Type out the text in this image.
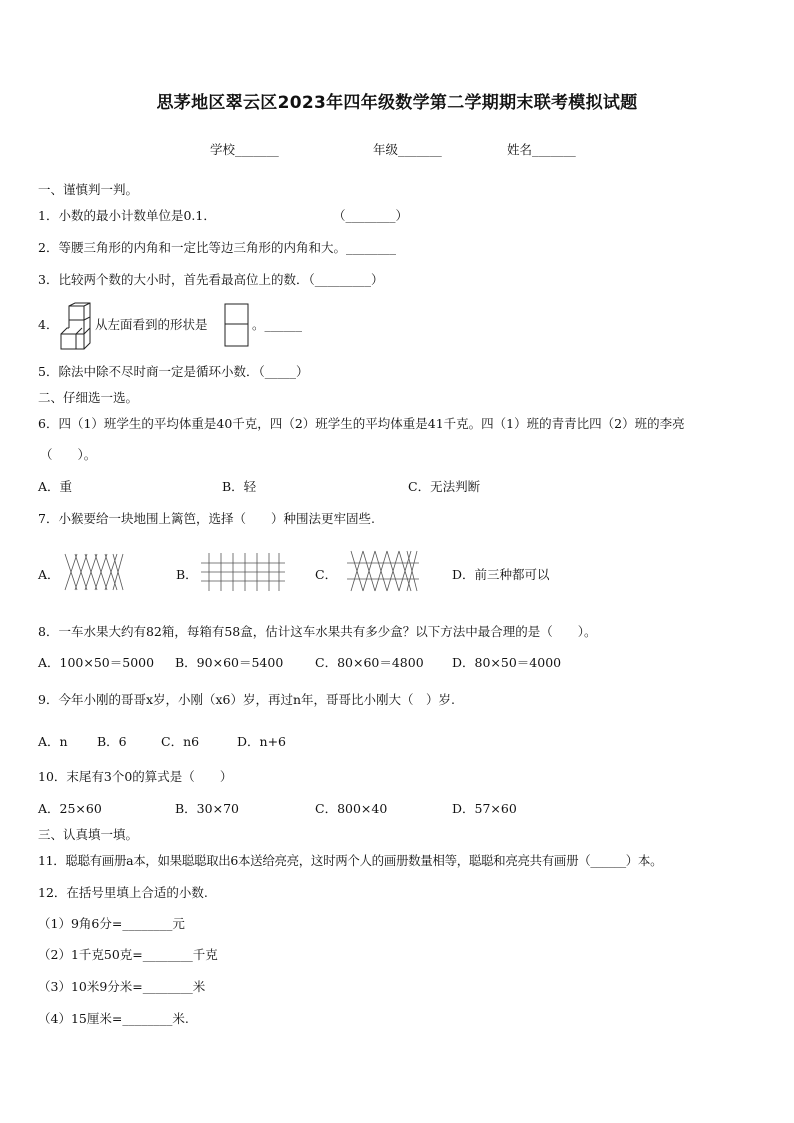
思茅地区翠云区2023年四年级数学第二学期期末联考模拟试题
学校_______	年级_______	姓名_______
一、谨慎判一判。
1．小数的最小计数单位是0.1．	（________）
2．等腰三角形的内角和一定比等边三角形的内角和大。________
3．比较两个数的大小时，首先看最高位上的数．（_________）
4．	从左面看到的形状是	。______
5．除法中除不尽时商一定是循环小数．（_____）
二、仔细选一选。
6．四（1）班学生的平均体重是40千克，四（2）班学生的平均体重是41千克。四（1）班的青青比四（2）班的李亮
（　　）。
A．重	B．轻	C．无法判断
7．小猴要给一块地围上篱笆，选择（　　）种围法更牢固些.
A．	B．	C．	D．前三种都可以
8．一车水果大约有82箱，每箱有58盒，估计这车水果共有多少盒？以下方法中最合理的是（　　）。
A．100×50＝5000 B．90×60＝5400	C．80×60＝4800 D．80×50＝4000
9．今年小刚的哥哥x岁，小刚（x6）岁，再过n年，哥哥比小刚大（　）岁.
A．n B．6	C．n6	D．n+6
10．末尾有3个0的算式是（　　）
A．25×60	B．30×70	C．800×40	D．57×60
三、认真填一填。
11．聪聪有画册a本，如果聪聪取出6本送给亮亮，这时两个人的画册数量相等，聪聪和亮亮共有画册（______）本。
12．在括号里填上合适的小数.
（1）9角6分=________元
（2）1千克50克=________千克
（3）10米9分米=________米
（4）15厘米=________米.
